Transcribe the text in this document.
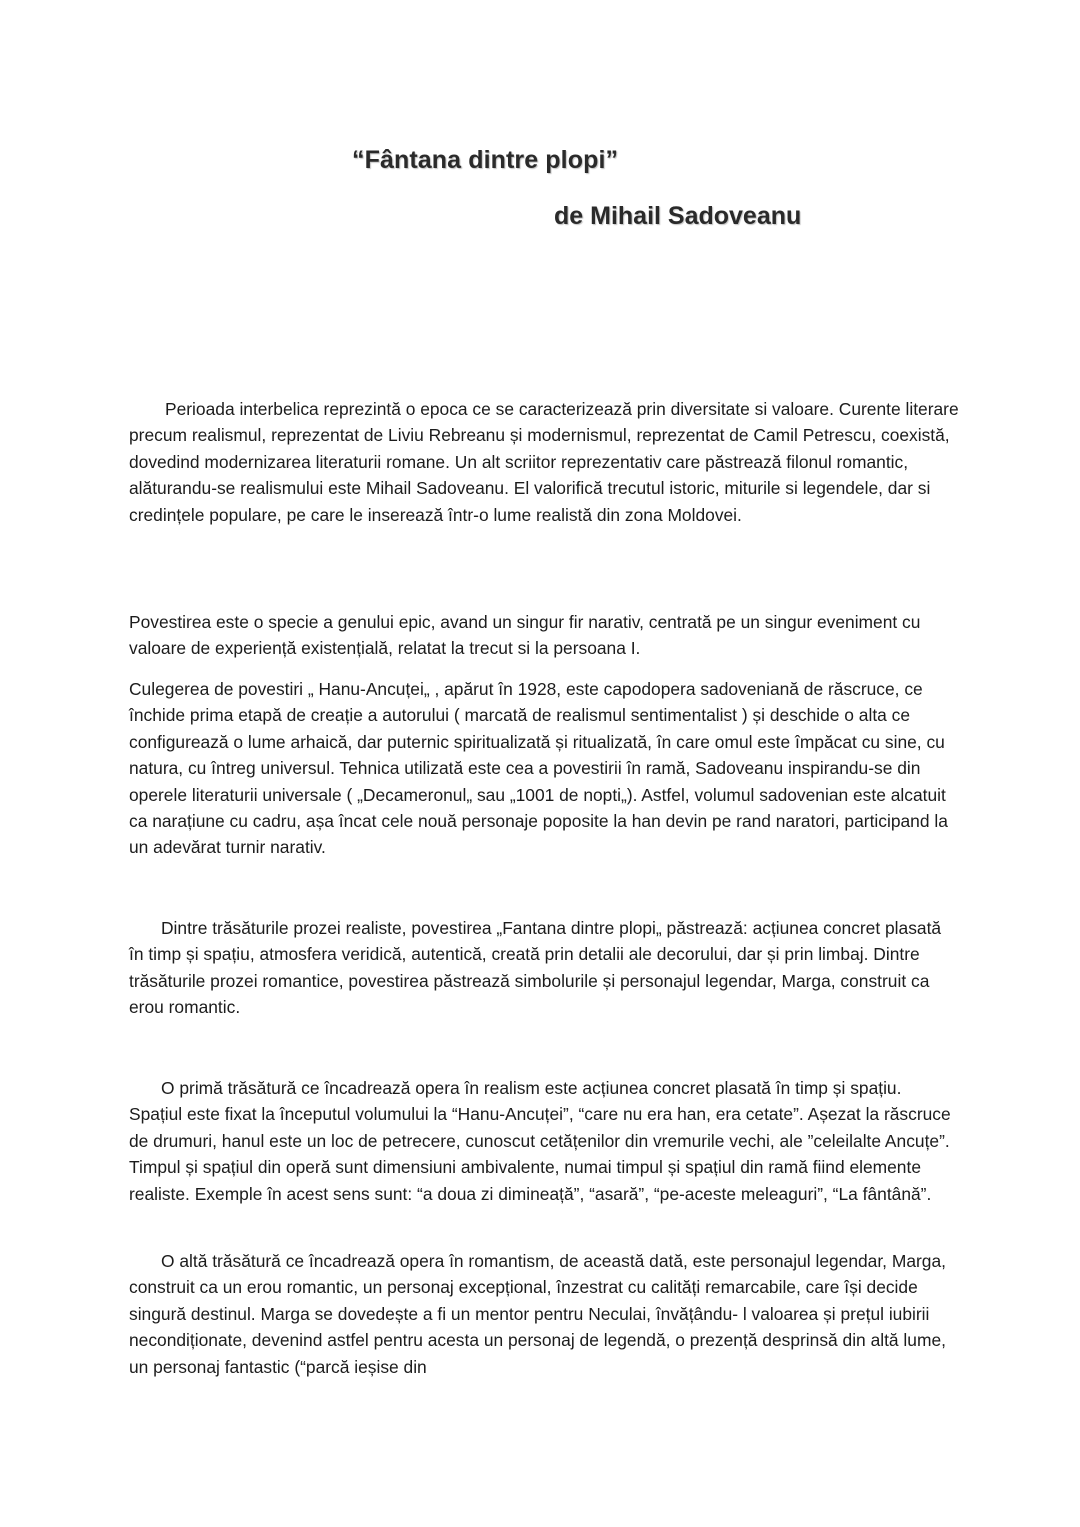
“Fântana dintre plopi”
de Mihail Sadoveanu

Perioada interbelica reprezintă o epoca ce se caracterizează prin diversitate si valoare. Curente literare precum realismul, reprezentat de Liviu Rebreanu și modernismul, reprezentat de Camil Petrescu, coexistă, dovedind modernizarea literaturii romane. Un alt scriitor reprezentativ care păstrează filonul romantic, alăturandu-se realismului este Mihail Sadoveanu. El valorifică trecutul istoric, miturile si legendele, dar si credințele populare, pe care le inserează într-o lume realistă din zona Moldovei.

Povestirea este o specie a genului epic, avand un singur fir narativ, centrată pe un singur eveniment cu valoare de experiență existențială, relatat la trecut si la persoana I.

Culegerea de povestiri „ Hanu-Ancuței„ , apărut în 1928, este capodopera sadoveniană de răscruce, ce închide prima etapă de creație a autorului ( marcată de realismul sentimentalist ) și deschide o alta ce configurează o lume arhaică, dar puternic spiritualizată și ritualizată, în care omul este împăcat cu sine, cu natura, cu întreg universul. Tehnica utilizată este cea a povestirii în ramă, Sadoveanu inspirandu-se din operele literaturii universale ( „Decameronul„ sau „1001 de nopti„). Astfel, volumul sadovenian este alcatuit ca narațiune cu cadru, așa încat cele nouă personaje poposite la han devin pe rand naratori, participand la un adevărat turnir narativ.

Dintre trăsăturile prozei realiste, povestirea „Fantana dintre plopi„ păstrează: acțiunea concret plasată în timp și spațiu, atmosfera veridică, autentică, creată prin detalii ale decorului, dar și prin limbaj. Dintre trăsăturile prozei romantice, povestirea păstrează simbolurile și personajul legendar, Marga, construit ca erou romantic.

O primă trăsătură ce încadrează opera în realism este acțiunea concret plasată în timp și spațiu. Spațiul este fixat la începutul volumului la “Hanu-Ancuței”, “care nu era han, era cetate”. Așezat la răscruce de drumuri, hanul este un loc de petrecere, cunoscut cetățenilor din vremurile vechi, ale ”celeilalte Ancuțe”. Timpul și spațiul din operă sunt dimensiuni ambivalente, numai timpul și spațiul din ramă fiind elemente realiste. Exemple în acest sens sunt: “a doua zi dimineață”, “asară”, “pe-aceste meleaguri”, “La fântână”.

O altă trăsătură ce încadrează opera în romantism, de această dată, este personajul legendar, Marga, construit ca un erou romantic, un personaj excepțional, înzestrat cu calități remarcabile, care își decide singură destinul. Marga se dovedește a fi un mentor pentru Neculai, învățându- l valoarea și prețul iubirii necondiționate, devenind astfel pentru acesta un personaj de legendă, o prezență desprinsă din altă lume, un personaj fantastic (“parcă ieșise din
